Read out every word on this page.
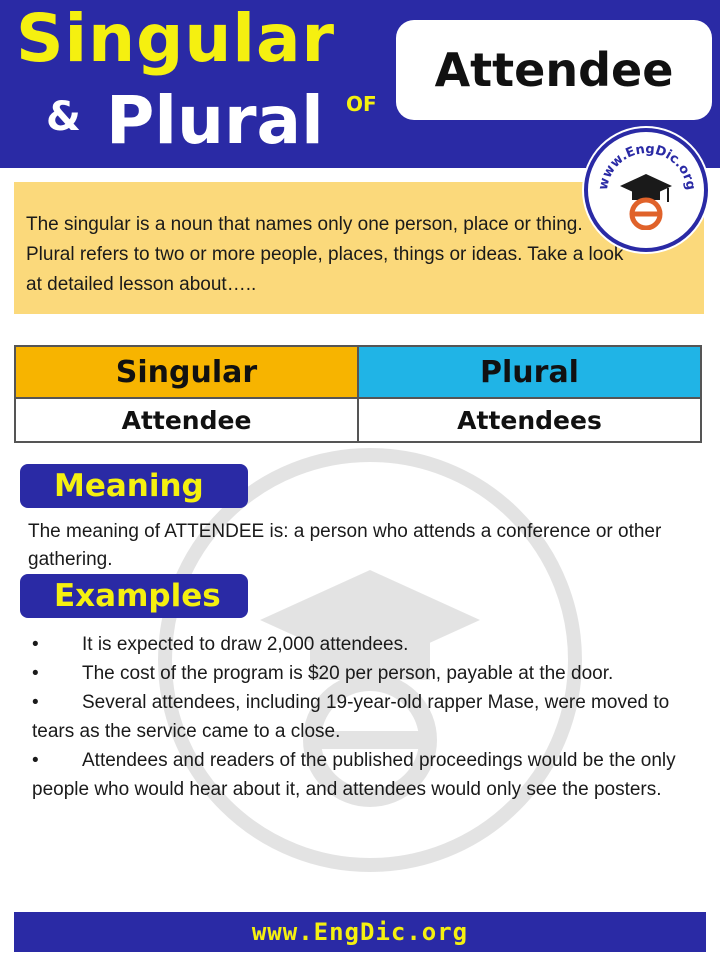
Singular
& Plural OF
Attendee
www.EngDic.org

The singular is a noun that names only one person, place or thing. Plural refers to two or more people, places, things or ideas. Take a look at detailed lesson about…..

Singular	Plural
Attendee	Attendees
Meaning

The meaning of ATTENDEE is: a person who attends a conference or other gathering.

Examples
• It is expected to draw 2,000 attendees.
• The cost of the program is $20 per person, payable at the door.
• Several attendees, including 19-year-old rapper Mase, were moved to tears as the service came to a close.
• Attendees and readers of the published proceedings would be the only people who would hear about it, and attendees would only see the posters.
www.EngDic.org
